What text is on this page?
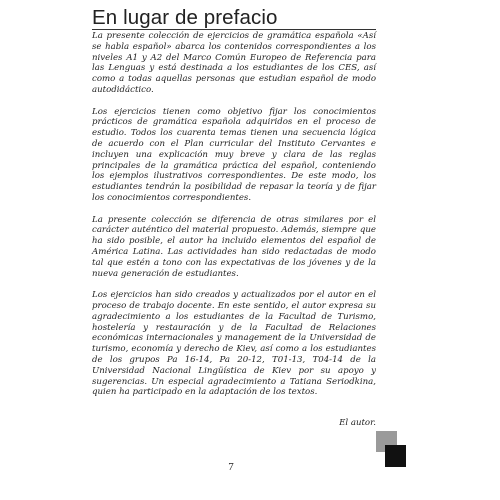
En lugar de prefacio

La presente colección de ejercicios de gramática española «Así se habla español» abarca los contenidos correspondientes a los niveles A1 y A2 del Marco Común Europeo de Referencia para las Lenguas y está destinada a los estudiantes de los CES, así como a todas aquellas personas que estudian español de modo autodidáctico.

Los ejercicios tienen como objetivo fijar los conocimientos prácticos de gramática española adquiridos en el proceso de estudio. Todos los cuarenta temas tienen una secuencia lógica de acuerdo con el Plan curricular del Instituto Cervantes e incluyen una explicación muy breve y clara de las reglas principales de la gramática práctica del español, conteniendo los ejemplos ilustrativos correspondientes. De este modo, los estudiantes tendrán la posibilidad de repasar la teoría y de fijar los conocimientos correspondientes.

La presente colección se diferencia de otras similares por el carácter auténtico del material propuesto. Además, siempre que ha sido posible, el autor ha incluido elementos del español de América Latina. Las actividades han sido redactadas de modo tal que estén a tono con las expectativas de los jóvenes y de la nueva generación de estudiantes.

Los ejercicios han sido creados y actualizados por el autor en el proceso de trabajo docente. En este sentido, el autor expresa su agradecimiento a los estudiantes de la Facultad de Turismo, hostelería y restauración y de la Facultad de Relaciones económicas internacionales y management de la Universidad de turismo, economía y derecho de Kiev, así como a los estudiantes de los grupos Pa 16-14, Pa 20-12, T01-13, T04-14 de la Universidad Nacional Lingüística de Kiev por su apoyo y sugerencias. Un especial agradecimiento a Tatiana Seriodkina, quien ha participado en la adaptación de los textos.

El autor.
7
